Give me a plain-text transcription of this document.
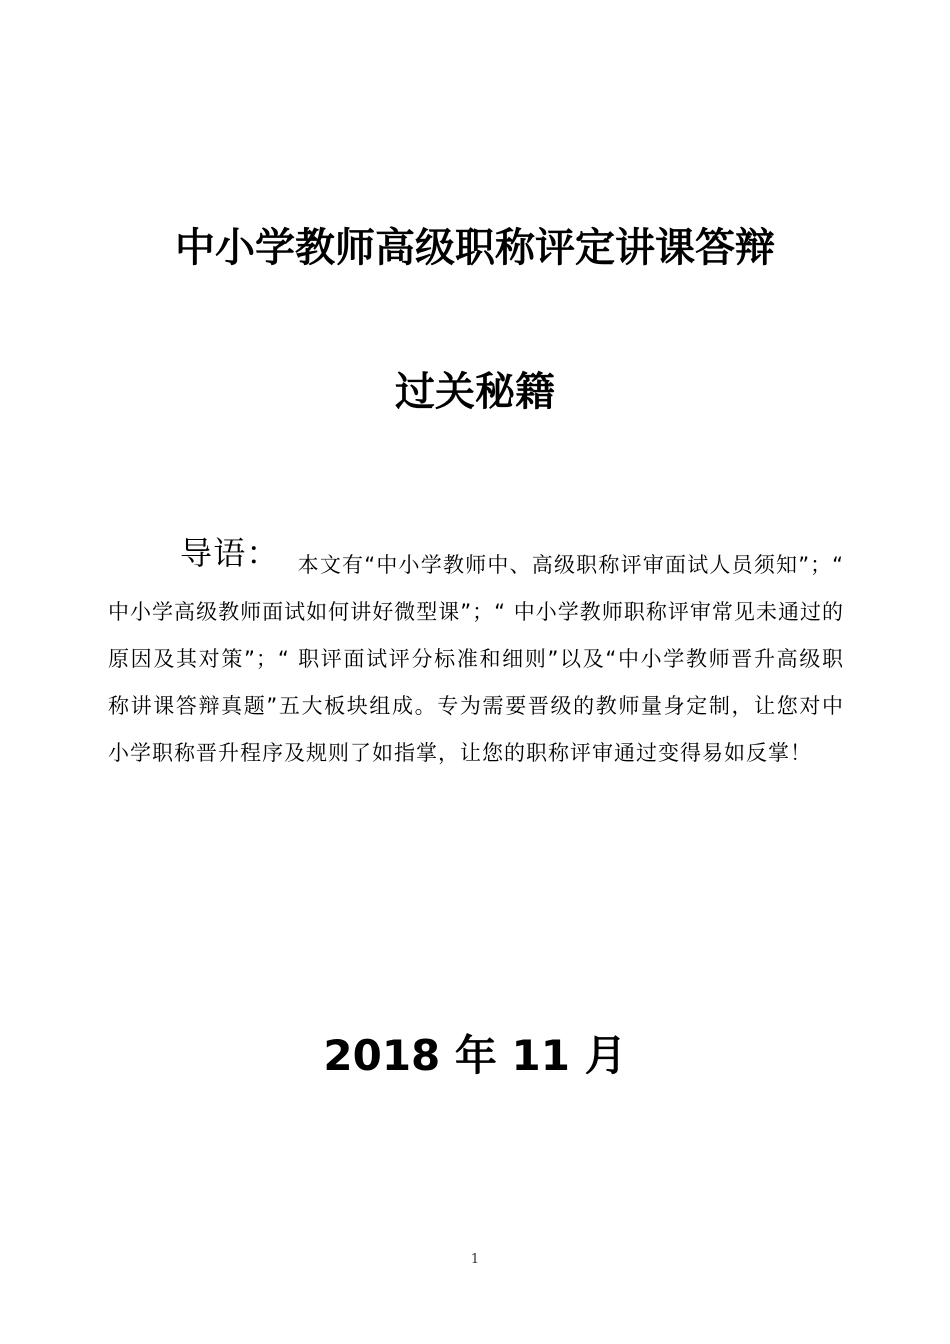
中小学教师高级职称评定讲课答辩
过关秘籍
导语： 本文有“中小学教师中、高级职称评审面试人员须知”；“ 中小学高级教师面试如何讲好微型课”；“ 中小学教师职称评审常见未通过的原因及其对策”；“ 职评面试评分标准和细则”以及“中小学教师晋升高级职称讲课答辩真题”五大板块组成。专为需要晋级的教师量身定制，让您对中小学职称晋升程序及规则了如指掌，让您的职称评审通过变得易如反掌！
2018 年 11 月
1
